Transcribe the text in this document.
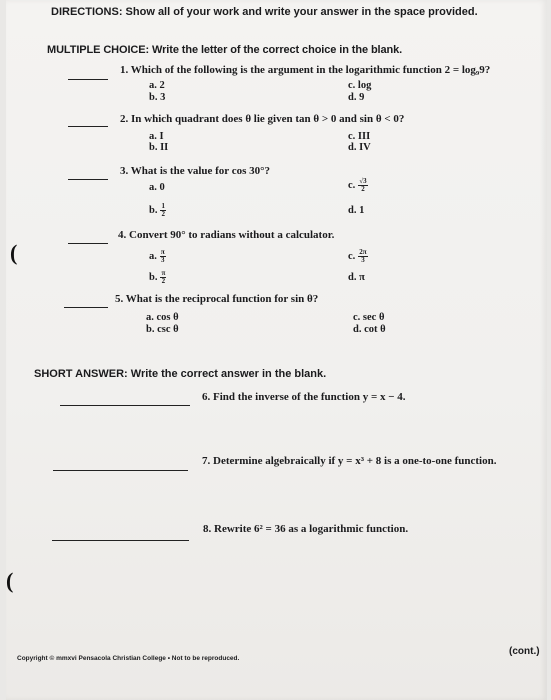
DIRECTIONS: Show all of your work and write your answer in the space provided.
MULTIPLE CHOICE: Write the letter of the correct choice in the blank.
1. Which of the following is the argument in the logarithmic function 2 = log₉9?
a. 2
b. 3
c. log
d. 9
2. In which quadrant does θ lie given tan θ > 0 and sin θ < 0?
a. I
b. II
c. III
d. IV
3. What is the value for cos 30°?
a. 0
b. $\frac{1}{2}$
c. $\frac{√3}{2}$
d. 1
4. Convert 90° to radians without a calculator.
a. $\frac{\pi}{3}$
b. $\frac{\pi}{2}$
c. $\frac{2\pi}{3}$
d. π
5. What is the reciprocal function for sin θ?
a. cos θ
b. csc θ
c. sec θ
d. cot θ
SHORT ANSWER: Write the correct answer in the blank.
6. Find the inverse of the function y = x − 4.
7. Determine algebraically if y = x³ + 8 is a one-to-one function.
8. Rewrite 6² = 36 as a logarithmic function.
(
(
Copyright © mmxvi Pensacola Christian College • Not to be reproduced.
(cont.)
